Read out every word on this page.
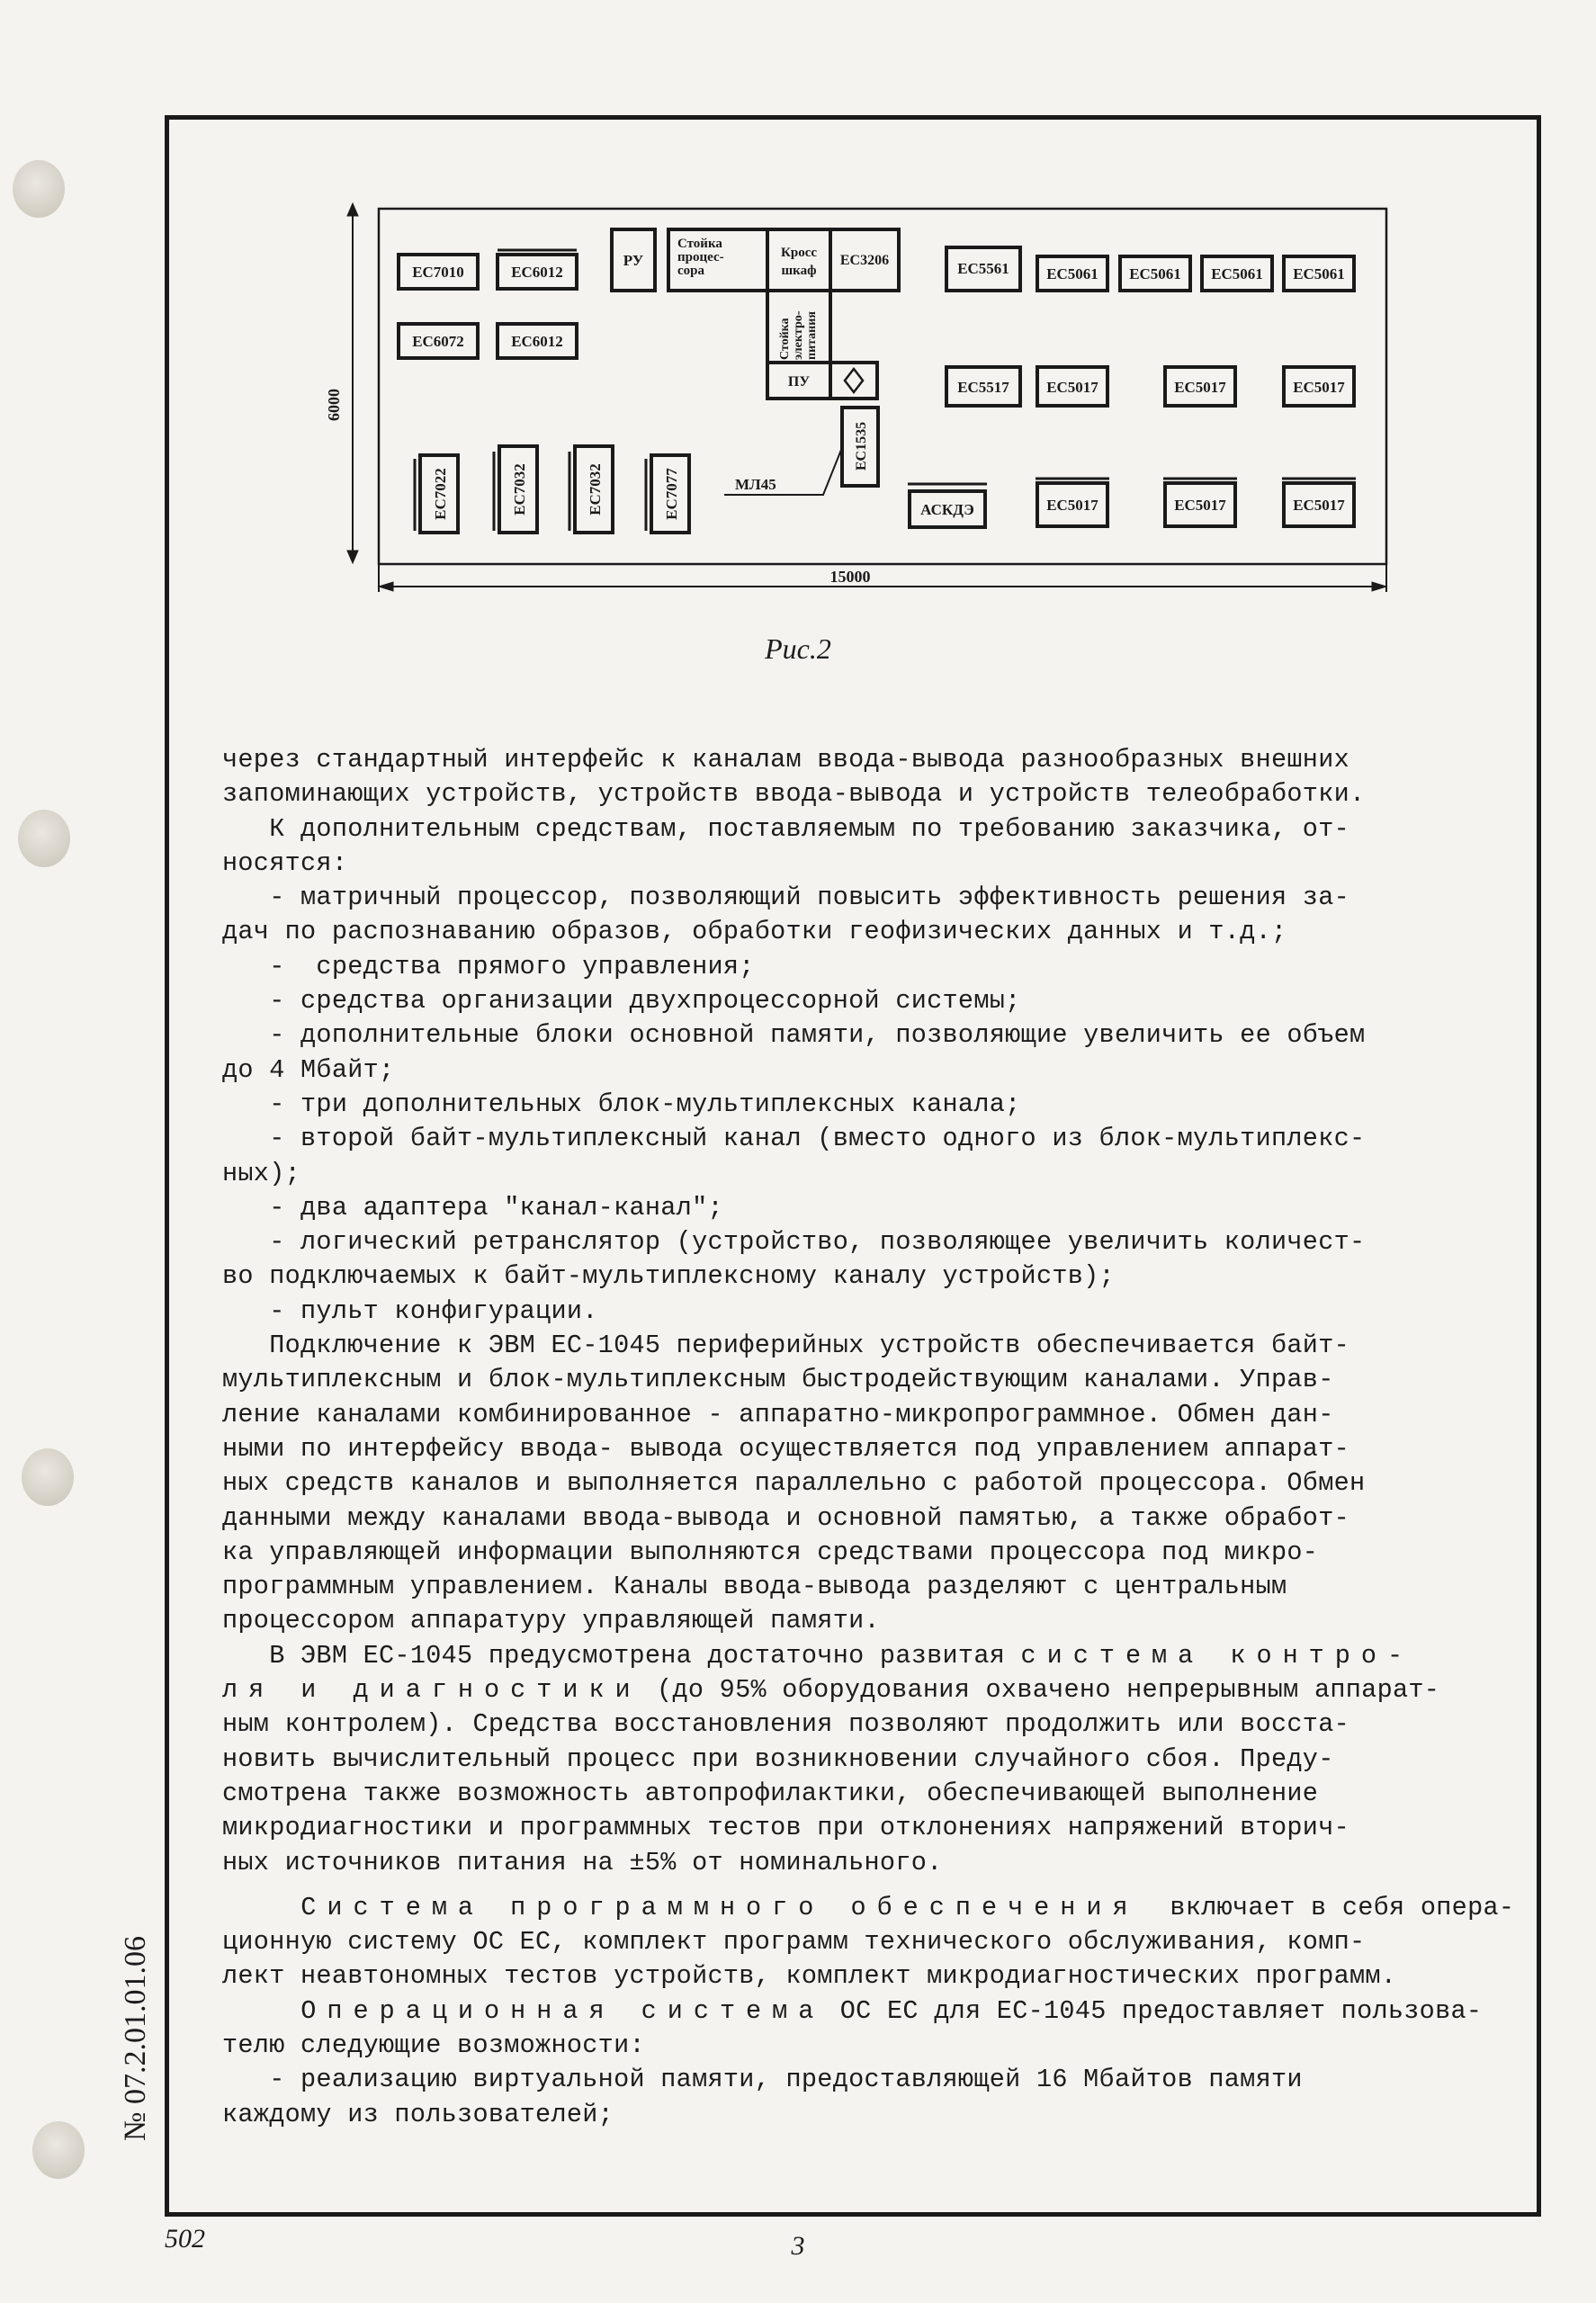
6000
15000
ЕС7010	ЕС6012
ЕС6072	ЕС6012
РУ
Стойка
процес-
сора
Кросс
шкаф
ЕС3206
Стойка электро- питания
ПУ
ЕС1535
МЛ45
ЕС5561 ЕС5061 ЕС5061 ЕС5061 ЕС5061
ЕС5517 ЕС5017	ЕС5017	ЕС5017
ЕС7022	ЕС7032	ЕС7032	ЕС7077	АСКДЭ	ЕС5017	ЕС5017	ЕС5017
Рис.2
через стандартный интерфейс к каналам ввода-вывода разнообразных внешних
запоминающих устройств, устройств ввода-вывода и устройств телеобработки.
К дополнительным средствам, поставляемым по требованию заказчика, от-
носятся:
- матричный процессор, позволяющий повысить эффективность решения за-
дач по распознаванию образов, обработки геофизических данных и т.д.;
-  средства прямого управления;
- средства организации двухпроцессорной системы;
- дополнительные блоки основной памяти, позволяющие увеличить ее объем
до 4 Мбайт;
- три дополнительных блок-мультиплексных канала;
- второй байт-мультиплексный канал (вместо одного из блок-мультиплекс-
ных);
- два адаптера "канал-канал";
- логический ретранслятор (устройство, позволяющее увеличить количест-
во подключаемых к байт-мультиплексному каналу устройств);
- пульт конфигурации.
Подключение к ЭВМ ЕС-1045 периферийных устройств обеспечивается байт-
мультиплексным и блок-мультиплексным быстродействующим каналами. Управ-
ление каналами комбинированное - аппаратно-микропрограммное. Обмен дан-
ными по интерфейсу ввода- вывода осуществляется под управлением аппарат-
ных средств каналов и выполняется параллельно с работой процессора. Обмен
данными между каналами ввода-вывода и основной памятью, а также обработ-
ка управляющей информации выполняются средствами процессора под микро-
программным управлением. Каналы ввода-вывода разделяют с центральным
процессором аппаратуру управляющей памяти.
В ЭВМ ЕС-1045 предусмотрена достаточно развитая система контро-
ля и диагностики (до 95% оборудования охвачено непрерывным аппарат-
ным контролем). Средства восстановления позволяют продолжить или восста-
новить вычислительный процесс при возникновении случайного сбоя. Преду-
смотрена также возможность автопрофилактики, обеспечивающей выполнение
микродиагностики и программных тестов при отклонениях напряжений вторич-
ных источников питания на ±5% от номинального.
Система программного обеспечения  включает в себя опера-
ционную систему ОС ЕС, комплект программ технического обслуживания, комп-
лект неавтономных тестов устройств, комплект микродиагностических программ.
Операционная система ОС ЕС для ЕС-1045 предоставляет пользова-
телю следующие возможности:
- реализацию виртуальной памяти, предоставляющей 16 Мбайтов памяти
каждому из пользователей;
№ 07.2.01.01.06
502	3
